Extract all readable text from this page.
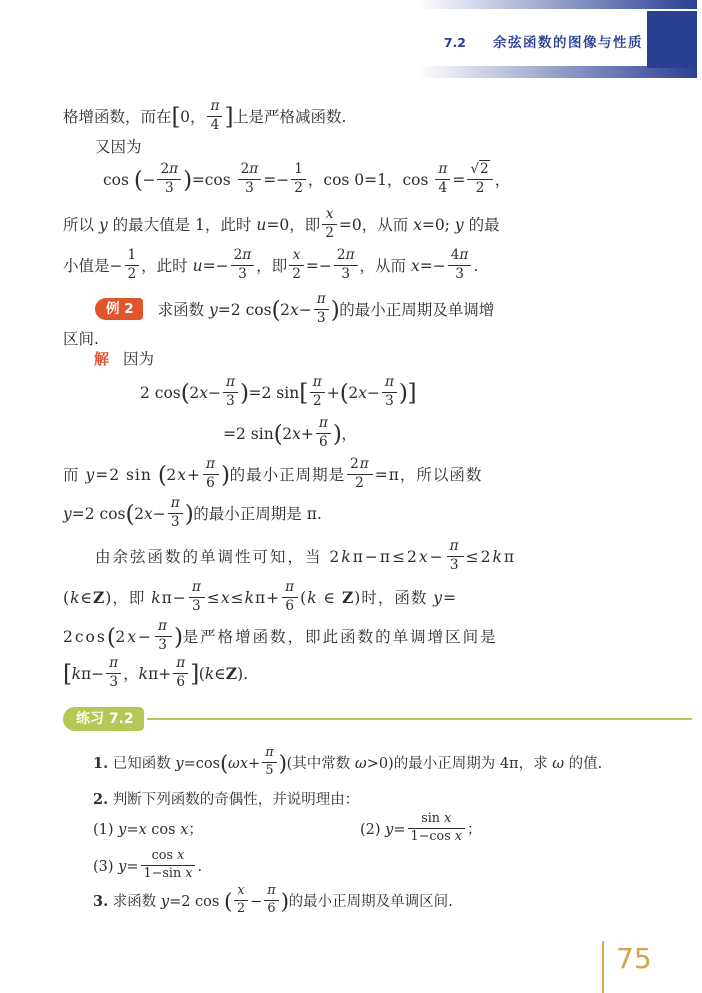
7.2 余弦函数的图像与性质

格增函数，而在[0， $\frac{\pi}{4}$ ]上是严格减函数.

又因为

cos (− $\frac{2\pi}{3} )=\cos \frac{2\pi}{3} =- \frac{1}{2}$ ，cos 0=1，$\cos \frac{\pi}{4} = \frac{√2}{2}$ ，

所以 y 的最大值是 1，此时 u=0，即 $\frac{x}{2} =0$，从而 x=0; y 的最

小值是− $\frac{1}{2}$ ，此时 $u=- \frac{2\pi}{3}$ ，即 $\frac{x}{2} =- \frac{2\pi}{3}$ ，从而 $x=- \frac{4\pi}{3}$ .

例 2 求函数 y=2 $\cos(2x- \frac{\pi}{3}$ )的最小正周期及单调增

区间.

解 因为

2 $\cos(2x- \frac{\pi}{3} )=2$ $\sin[ \frac{\pi}{2} +(2x- \frac{\pi}{3}$ )]

=2 $\sin(2x+ \frac{\pi}{6}$ )，

而 y=2 $\sin (2x+ \frac{\pi}{6}$ )的最小正周期是 $\frac{2\pi}{2} =\pi$，所以函数

y=2 $\cos(2x- \frac{\pi}{3}$ )的最小正周期是 π.

由余弦函数的单调性可知，当 $2k\pi-\pi\le 2x- \frac{\pi}{3} \le 2k\pi$

(k∈Z)，即 $k\pi- \frac{\pi}{3} \le x\le k\pi+ \frac{\pi}{6} (k$ ∈ Z)时，函数 y=

$2\cos(2x- \frac{\pi}{3}$ )是严格增函数，即此函数的单调增区间是

[$k\pi- \frac{\pi}{3}$ ，$k\pi+ \frac{\pi}{6}$ ](k∈Z).

练习 7.2

1. 已知函数 $y=\cos(\omega x+ \frac{\pi}{5}$ )(其中常数 ω>0)的最小正周期为 4π，求 ω 的值.

2. 判断下列函数的奇偶性，并说明理由：

(1) y=x cos x；	(2) $y= \frac{\text{sin x}}{\text{1−cos x}}$ ；

(3) $y= \frac{\text{cos x}}{\text{1−sin x}}$ .

3. 求函数 y=2 cos ( $\frac{x}{2} - \frac{\pi}{6}$ )的最小正周期及单调区间.

75
